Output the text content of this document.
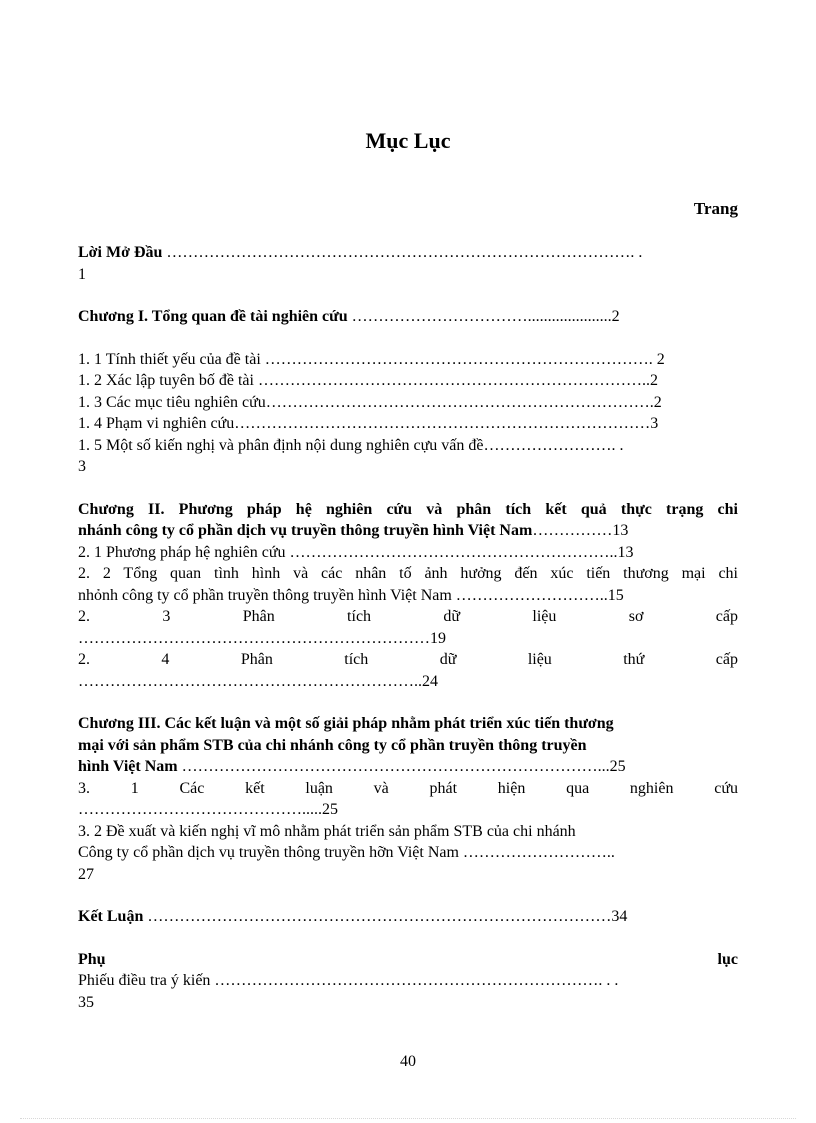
Mục Lục
Trang
Lời Mở Đầu ……………………………………………………………………………. .
1
Chương I. Tổng quan đề tài nghiên cứu …………………………….....................2
1. 1 Tính thiết yếu của đề tài ………………………………………………………………. 2
1. 2 Xác lập tuyên bố đề tài ………………………………………………………………..2
1. 3 Các mục tiêu nghiên cứu……………………………………………………………….2
1. 4 Phạm vi nghiên cứu……………………………………………………………………3
1. 5 Một số kiến nghị và phân định nội dung nghiên cựu vấn đề……………………. .
3
Chương II. Phương pháp hệ nghiên cứu và phân tích kết quả thực trạng chi
nhánh công ty cổ phần dịch vụ truyền thông truyền hình Việt Nam……………13
2. 1 Phương pháp hệ nghiên cứu ……………………………………………………..13
2. 2 Tổng quan tình hình và các nhân tố ảnh hưởng đến xúc tiến thương mại chi
nhỏnh công ty cổ phần truyền thông truyền hình Việt Nam ………………………..15
2. 3 Phân tích dữ liệu sơ cấp
…………………………………………………………19
2. 4 Phân tích dữ liệu thứ cấp
………………………………………………………..24
Chương III. Các kết luận và một số giải pháp nhằm phát triển xúc tiến thương
mại với sản phẩm STB của chi nhánh công ty cổ phần truyền thông truyền
hình Việt Nam ……………………………………………………………………...25
3. 1 Các kết luận và phát hiện qua nghiên cứu
…………………………………….....25
3. 2 Đề xuất và kiến nghị vĩ mô nhằm phát triển sản phẩm STB của chi nhánh
Công ty cổ phần dịch vụ truyền thông truyền hỡn Việt Nam ………………………..
27
Kết Luận ……………………………………………………………………………34
Phụ lục
Phiếu điều tra ý kiến ………………………………………………………………. . .
35
40
